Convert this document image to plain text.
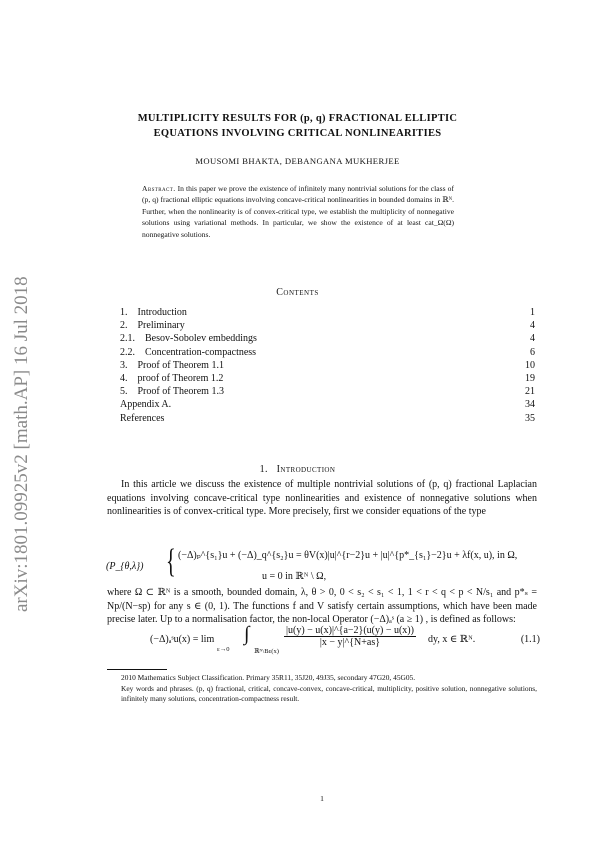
arXiv:1801.09925v2 [math.AP] 16 Jul 2018
MULTIPLICITY RESULTS FOR (p, q) FRACTIONAL ELLIPTIC
EQUATIONS INVOLVING CRITICAL NONLINEARITIES
MOUSOMI BHAKTA, DEBANGANA MUKHERJEE
Abstract. In this paper we prove the existence of infinitely many nontrivial solutions for the class of (p, q) fractional elliptic equations involving concave-critical nonlinearities in bounded domains in ℝᴺ. Further, when the nonlinearity is of convex-critical type, we establish the multiplicity of nonnegative solutions using variational methods. In particular, we show the existence of at least cat_Ω(Ω) nonnegative solutions.
Contents
1.    Introduction	1
2.    Preliminary	4
2.1.    Besov-Sobolev embeddings	4
2.2.    Concentration-compactness	6
3.    Proof of Theorem 1.1	10
4.    proof of Theorem 1.2	19
5.    Proof of Theorem 1.3	21
Appendix A.	34
References	35
1. Introduction
In this article we discuss the existence of multiple nontrivial solutions of (p, q) fractional Laplacian equations involving concave-critical type nonlinearities and existence of nonnegative solutions when nonlinearities is of convex-critical type. More precisely, first we consider equations of the type
(P_{θ,λ}) { (−Δ)ₚ^{s₁}u + (−Δ)_q^{s₂}u = θV(x)|u|^{r−2}u + |u|^{p*_{s₁}−2}u + λf(x, u), in Ω,
u = 0 in ℝᴺ \ Ω,
where Ω ⊂ ℝᴺ is a smooth, bounded domain, λ, θ > 0, 0 < s₂ < s₁ < 1, 1 < r < q < p < N/s₁ and p*ₛ = Np/(N−sp) for any s ∈ (0, 1). The functions f and V satisfy certain assumptions, which have been made precise later. Up to a normalisation factor, the non-local Operator (−Δ)ₐˢ (a ≥ 1) , is defined as follows:
(−Δ)ₐˢu(x) = lim
ε→0
∫
ℝᴺ\Bε(x)
$\frac{|u(y) - u(x)|\^{}\{a-2\}(u(y) - u(x))}{|x - y|\^{}\{N+as\}}$ dy, x ∈ ℝᴺ.	(1.1)
2010 Mathematics Subject Classification. Primary 35R11, 35J20, 49J35, secondary 47G20, 45G05.
Key words and phrases. (p, q) fractional, critical, concave-convex, concave-critical, multiplicity, positive solution, nonnegative solutions, infinitely many solutions, concentration-compactness result.
1
